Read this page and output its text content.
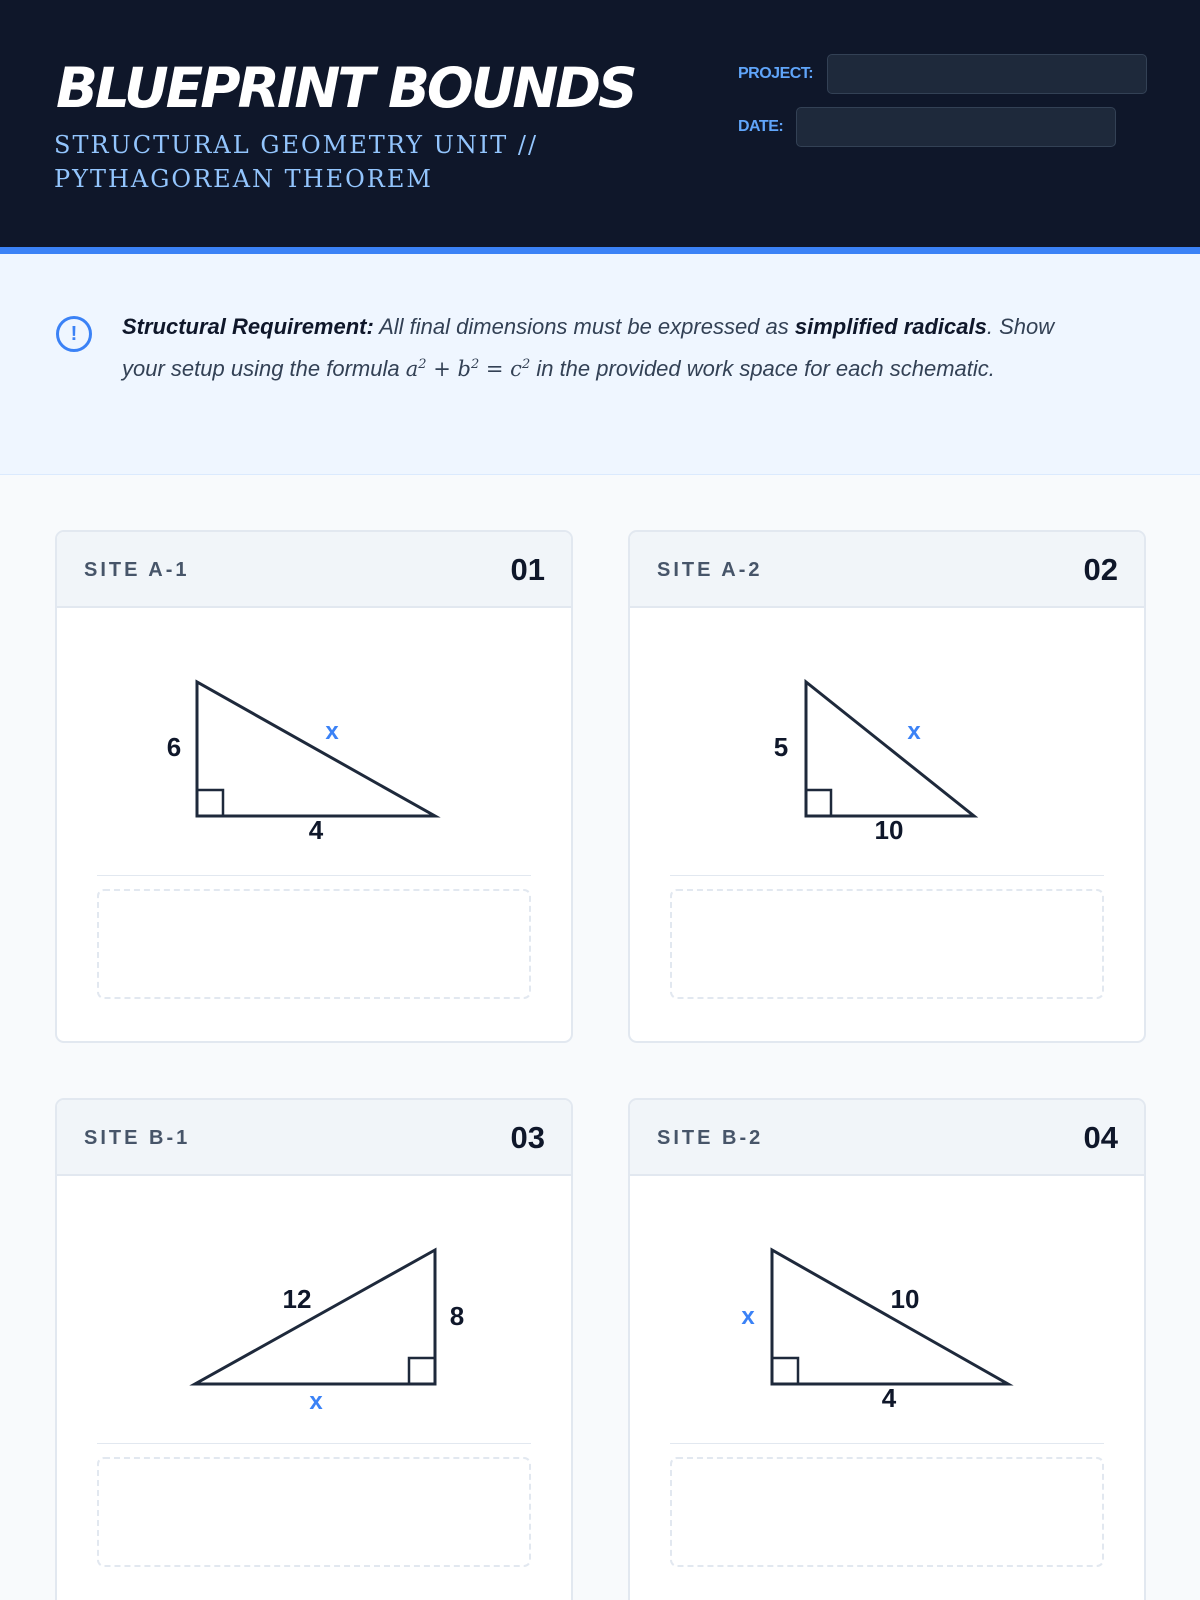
BLUEPRINT BOUNDS
STRUCTURAL GEOMETRY UNIT // PYTHAGOREAN THEOREM
PROJECT:
DATE:
!	Structural Requirement: All final dimensions must be expressed as simplified radicals. Show your setup using the formula $a^2 + b^2 = c^2$ in the provided work space for each schematic.
SITE A-1	01
6
4
x
SITE A-2	02
5
10
x
SITE B-1	03
12
8
x
SITE B-2	04
x
10
4
